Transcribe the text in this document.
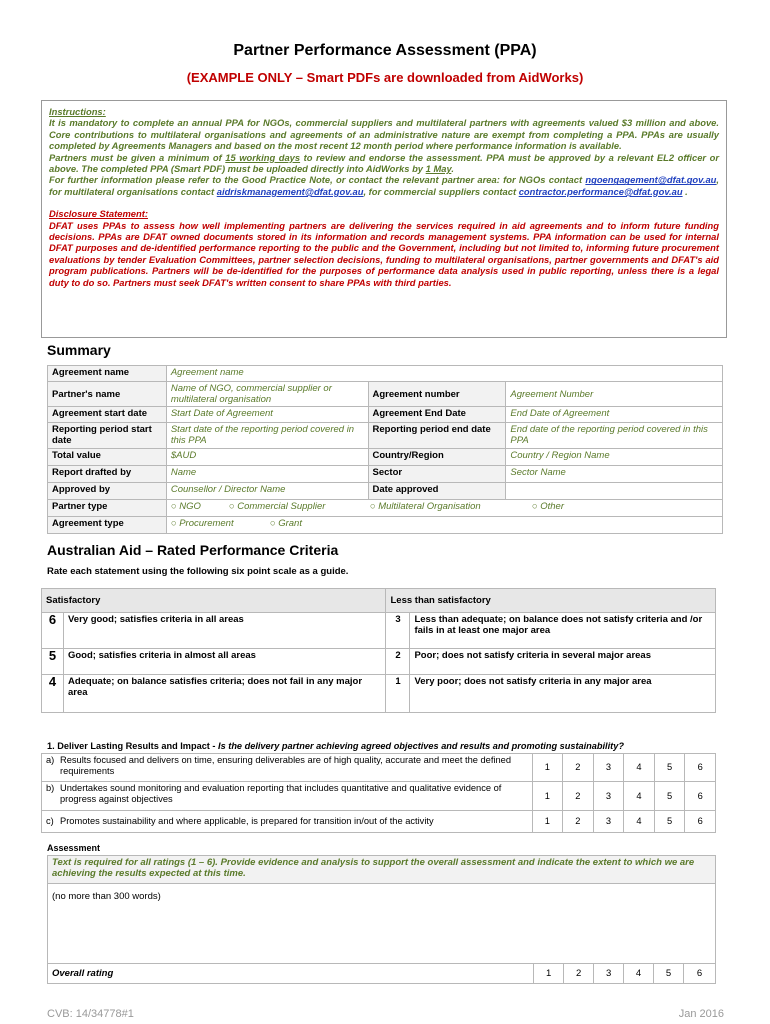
Partner Performance Assessment (PPA)
(EXAMPLE ONLY – Smart PDFs are downloaded from AidWorks)

Instructions:

It is mandatory to complete an annual PPA for NGOs, commercial suppliers and multilateral partners with agreements valued $3 million and above. Core contributions to multilateral organisations and agreements of an administrative nature are exempt from completing a PPA. PPAs are usually completed by Agreements Managers and based on the most recent 12 month period where performance information is available.

Partners must be given a minimum of 15 working days to review and endorse the assessment. PPA must be approved by a relevant EL2 officer or above. The completed PPA (Smart PDF) must be uploaded directly into AidWorks by 1 May.

For further information please refer to the Good Practice Note, or contact the relevant partner area: for NGOs contact ngoengagement@dfat.gov.au, for multilateral organisations contact aidriskmanagement@dfat.gov.au, for commercial suppliers contact contractor.performance@dfat.gov.au .

Disclosure Statement:

DFAT uses PPAs to assess how well implementing partners are delivering the services required in aid agreements and to inform future funding decisions. PPAs are DFAT owned documents stored in its information and records management systems. PPA information can be used for internal DFAT purposes and de-identified performance reporting to the public and the Government, including but not limited to, informing future procurement evaluations by tender Evaluation Committees, partner selection decisions, funding to multilateral organisations, partner governments and DFAT's aid program publications. Partners will be de-identified for the purposes of performance data analysis used in public reporting, unless there is a legal duty to do so. Partners must seek DFAT's written consent to share PPAs with third parties.

Summary
Agreement name	Agreement name		
Partner's name	Name of NGO, commercial supplier or multilateral organisation	Agreement number	Agreement Number
Agreement start date	Start Date of Agreement	Agreement End Date	End Date of Agreement
Reporting period start date	Start date of the reporting period covered in this PPA	Reporting period end date	End date of the reporting period covered in this PPA
Total value	$AUD	Country/Region	Country / Region Name
Report drafted by	Name	Sector	Sector Name
Approved by	Counsellor / Director Name	Date approved	
Partner type	○ NGO ○ Commercial Supplier ○ Multilateral Organisation ○ Other		
Agreement type	○ Procurement ○ Grant		
Australian Aid – Rated Performance Criteria
Rate each statement using the following six point scale as a guide.
Satisfactory		Less than satisfactory	
6	Very good; satisfies criteria in all areas	3	Less than adequate; on balance does not satisfy criteria and /or fails in at least one major area
5	Good; satisfies criteria in almost all areas	2	Poor; does not satisfy criteria in several major areas
4	Adequate; on balance satisfies criteria; does not fail in any major area	1	Very poor; does not satisfy criteria in any major area
1. Deliver Lasting Results and Impact - Is the delivery partner achieving agreed objectives and results and promoting sustainability?
a) Results focused and delivers on time, ensuring deliverables are of high quality, accurate and meet the defined requirements	1	2	3	4	5	6
b) Undertakes sound monitoring and evaluation reporting that includes quantitative and qualitative evidence of progress against objectives	1	2	3	4	5	6
c) Promotes sustainability and where applicable, is prepared for transition in/out of the activity	1	2	3	4	5	6
Assessment
Text is required for all ratings (1 – 6). Provide evidence and analysis to support the overall assessment and indicate the extent to which we are achieving the results expected at this time.
(no more than 300 words)
Overall rating	1	2	3	4	5	6
CVB: 14/34778#1	Jan 2016
